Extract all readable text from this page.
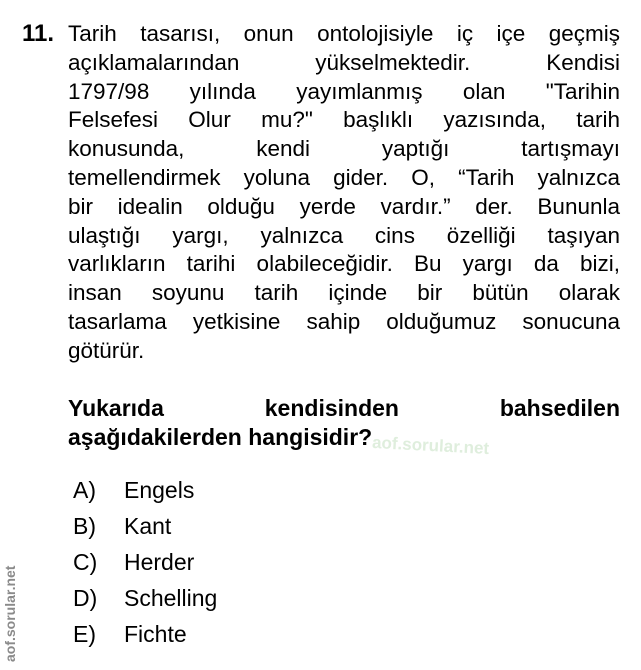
11. Tarih tasarısı, onun ontolojisiyle iç içe geçmiş
açıklamalarından yükselmektedir. Kendisi
1797/98 yılında yayımlanmış olan "Tarihin
Felsefesi Olur mu?" başlıklı yazısında, tarih
konusunda, kendi yaptığı tartışmayı
temellendirmek yoluna gider. O, “Tarih yalnızca
bir idealin olduğu yerde vardır.” der. Bununla
ulaştığı yargı, yalnızca cins özelliği taşıyan
varlıkların tarihi olabileceğidir. Bu yargı da bizi,
insan soyunu tarih içinde bir bütün olarak
tasarlama yetkisine sahip olduğumuz sonucuna
götürür.
aof.sorular.net
Yukarıda kendisinden bahsedilen
aşağıdakilerden hangisidir?
A)	Engels
B)	Kant
C)	Herder
D)	Schelling
E)	Fichte
aof.sorular.net
